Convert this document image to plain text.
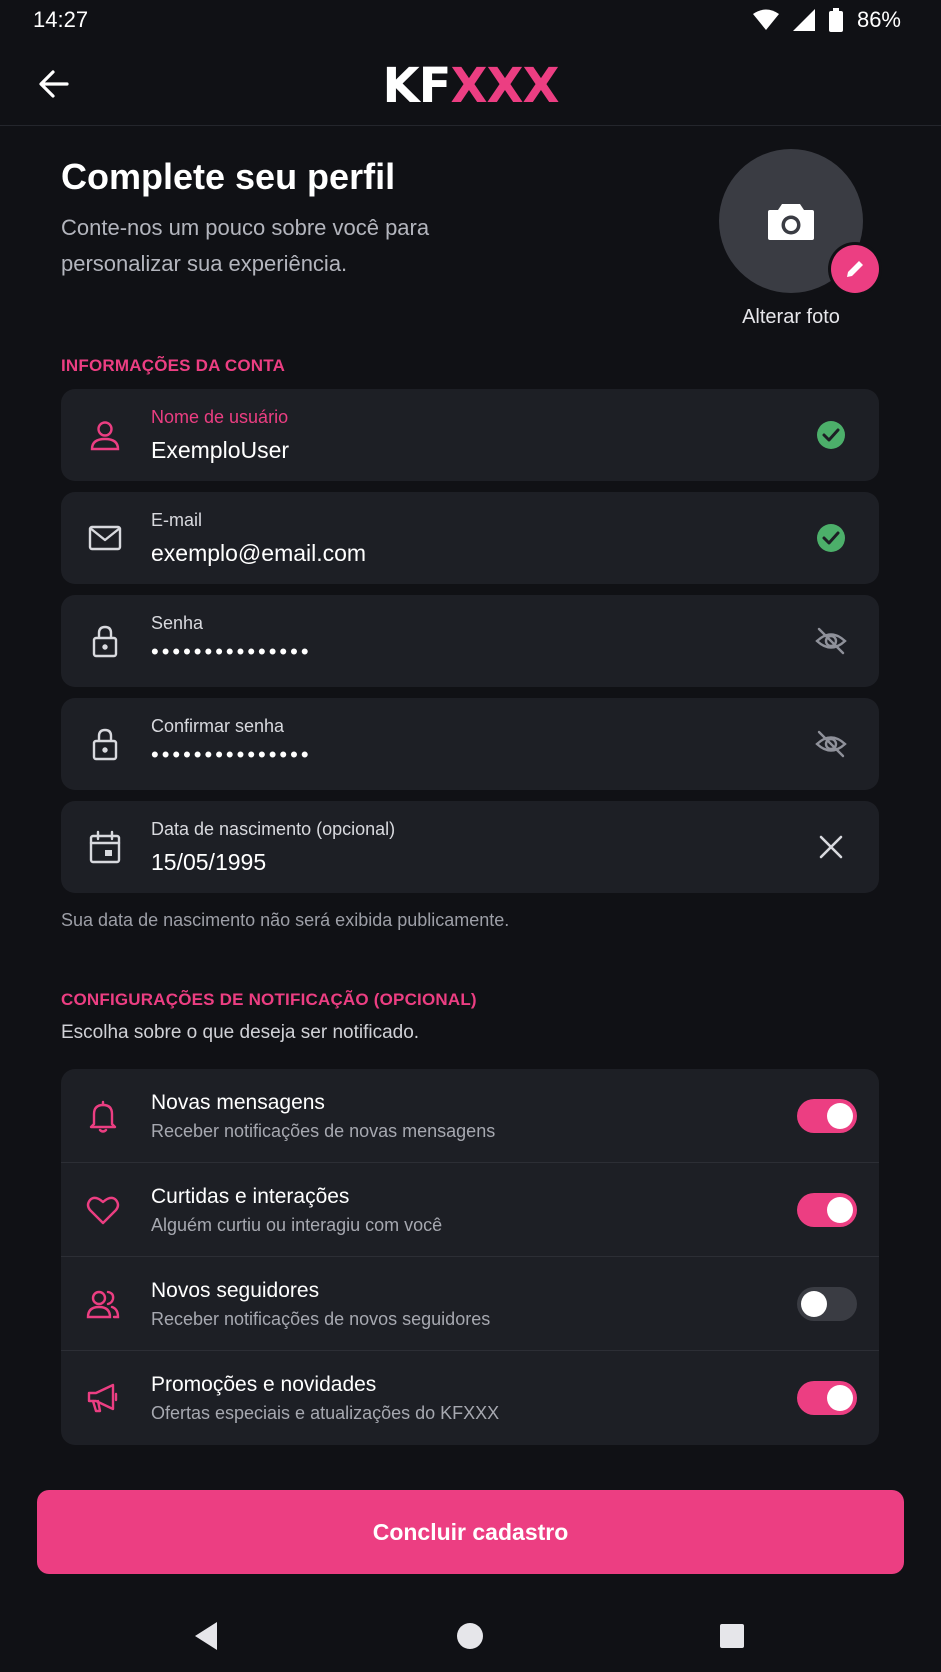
14:27	86%
KFXXX
Complete seu perfil
Conte-nos um pouco sobre você para personalizar sua experiência.
Alterar foto
INFORMAÇÕES DA CONTA
Nome de usuário
ExemploUser
E-mail
exemplo@email.com
Senha
•••••••••••••••
Confirmar senha
•••••••••••••••
Data de nascimento (opcional)
15/05/1995
Sua data de nascimento não será exibida publicamente.
CONFIGURAÇÕES DE NOTIFICAÇÃO (OPCIONAL)
Escolha sobre o que deseja ser notificado.
Novas mensagens
Receber notificações de novas mensagens
Curtidas e interações
Alguém curtiu ou interagiu com você
Novos seguidores
Receber notificações de novos seguidores
Promoções e novidades
Ofertas especiais e atualizações do KFXXX
Concluir cadastro
